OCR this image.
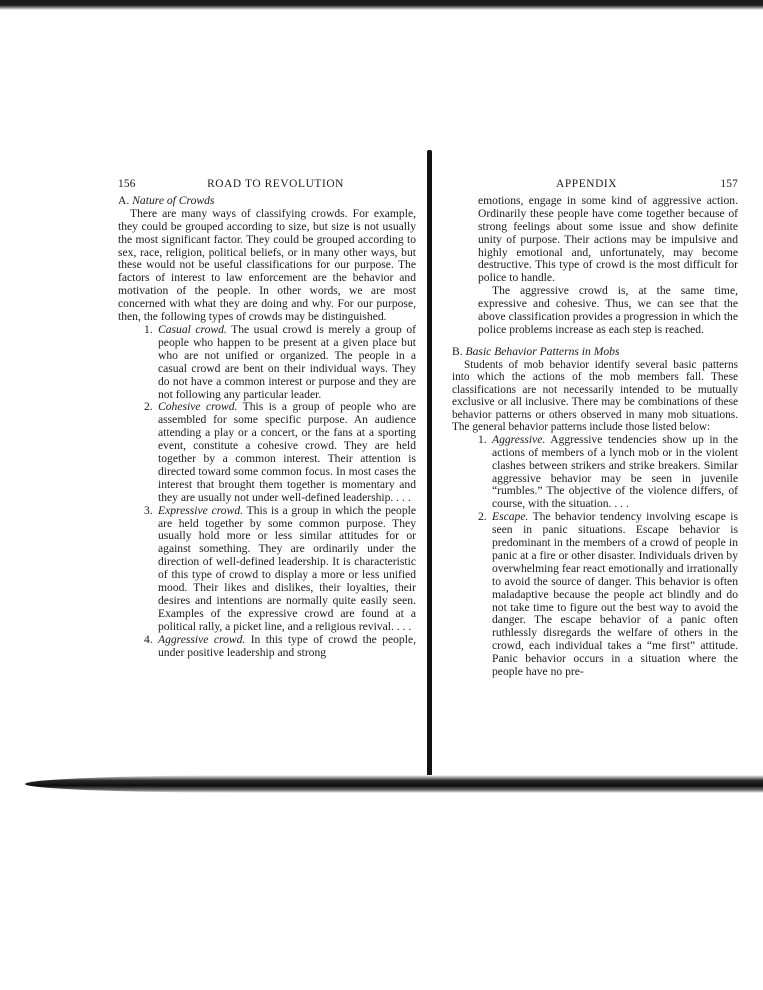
156	ROAD TO REVOLUTION
A. Nature of Crowds

There are many ways of classifying crowds. For example, they could be grouped according to size, but size is not usually the most significant factor. They could be grouped according to sex, race, religion, political beliefs, or in many other ways, but these would not be useful classifications for our purpose. The factors of interest to law enforcement are the behavior and motivation of the people. In other words, we are most concerned with what they are doing and why. For our purpose, then, the following types of crowds may be distinguished.

1. Casual crowd. The usual crowd is merely a group of people who happen to be present at a given place but who are not unified or organized. The people in a casual crowd are bent on their individual ways. They do not have a common interest or purpose and they are not following any particular leader.
2. Cohesive crowd. This is a group of people who are assembled for some specific purpose. An audience attending a play or a concert, or the fans at a sporting event, constitute a cohesive crowd. They are held together by a common interest. Their attention is directed toward some common focus. In most cases the interest that brought them together is momentary and they are usually not under well-defined leadership. . . .
3. Expressive crowd. This is a group in which the people are held together by some common purpose. They usually hold more or less similar attitudes for or against something. They are ordinarily under the direction of well-defined leadership. It is characteristic of this type of crowd to display a more or less unified mood. Their likes and dislikes, their loyalties, their desires and intentions are normally quite easily seen. Examples of the expressive crowd are found at a political rally, a picket line, and a religious revival. . . .
4. Aggressive crowd. In this type of crowd the people, under positive leadership and strong
APPENDIX	157
emotions, engage in some kind of aggressive action. Ordinarily these people have come together because of strong feelings about some issue and show definite unity of purpose. Their actions may be impulsive and highly emotional and, unfortunately, may become destructive. This type of crowd is the most difficult for police to handle.

The aggressive crowd is, at the same time, expressive and cohesive. Thus, we can see that the above classification provides a progression in which the police problems increase as each step is reached.

B. Basic Behavior Patterns in Mobs

Students of mob behavior identify several basic patterns into which the actions of the mob members fall. These classifications are not necessarily intended to be mutually exclusive or all inclusive. There may be combinations of these behavior patterns or others observed in many mob situations. The general behavior patterns include those listed below:

1. Aggressive. Aggressive tendencies show up in the actions of members of a lynch mob or in the violent clashes between strikers and strike breakers. Similar aggressive behavior may be seen in juvenile “rumbles.” The objective of the violence differs, of course, with the situation. . . .
2. Escape. The behavior tendency involving escape is seen in panic situations. Escape behavior is predominant in the members of a crowd of people in panic at a fire or other disaster. Individuals driven by overwhelming fear react emotionally and irrationally to avoid the source of danger. This behavior is often maladaptive because the people act blindly and do not take time to figure out the best way to avoid the danger. The escape behavior of a panic often ruthlessly disregards the welfare of others in the crowd, each individual takes a “me first” attitude. Panic behavior occurs in a situation where the people have no pre-
